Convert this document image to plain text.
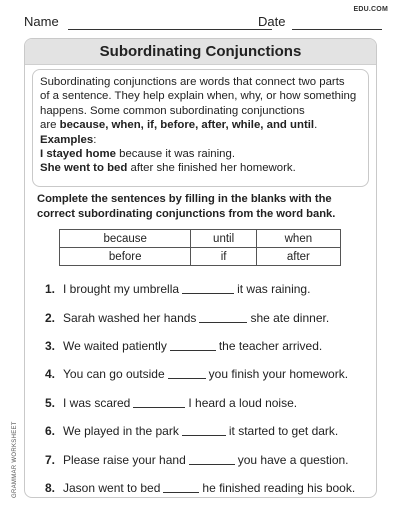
EDU.COM
Name	Date
Subordinating Conjunctions
Subordinating conjunctions are words that connect two parts
of a sentence. They help explain when, why, or how something
happens. Some common subordinating conjunctions
are because, when, if, before, after, while, and until.
Examples:
I stayed home because it was raining.
She went to bed after she finished her homework.
Complete the sentences by filling in the blanks with the
correct subordinating conjunctions from the word bank.
because	until	when
before	if	after
1. I brought my umbrella	it was raining.
2. Sarah washed her hands	she ate dinner.
3. We waited patiently	the teacher arrived.
4. You can go outside	you finish your homework.
5. I was scared	I heard a loud noise.
6. We played in the park	it started to get dark.
7. Please raise your hand	you have a question.
8. Jason went to bed	he finished reading his book.
GRAMMAR WORKSHEET
